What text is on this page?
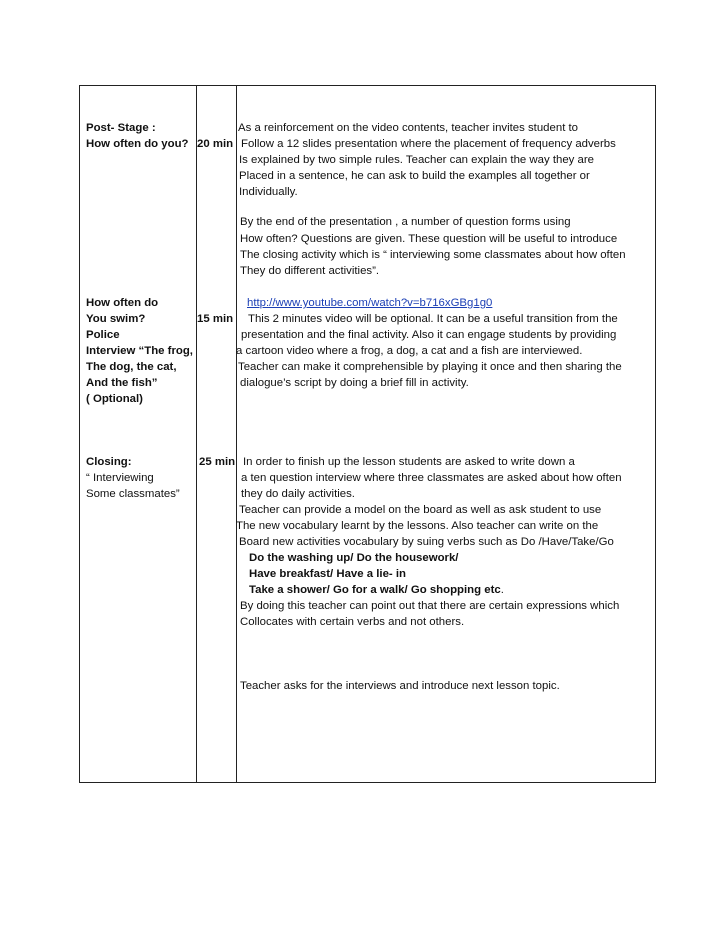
Post- Stage :
How often do you? 20 min
As a reinforcement on the video contents, teacher invites student to
Follow a 12 slides presentation where the placement of frequency adverbs
Is explained by two simple rules. Teacher can explain the way they are
Placed in a sentence, he can ask to build the examples all together or
Individually.
By the end of the presentation , a number of question forms using
How often? Questions are given. These question will be useful to introduce
The closing activity which is “ interviewing some classmates about how often
They do different activities”.
How often do
You swim?
Police
Interview “The frog,
The dog, the cat,
And the fish”
( Optional)
15 min
http://www.youtube.com/watch?v=b716xGBg1g0
This 2 minutes video will be optional. It can be a useful transition from the
presentation and the final activity. Also it can engage students by providing
a cartoon video where a frog, a dog, a cat and a fish are interviewed.
Teacher can make it comprehensible by playing it once and then sharing the
dialogue’s script by doing a brief fill in activity.
Closing:
“ Interviewing
Some classmates”
25 min In order to finish up the lesson students are asked to write down a
a ten question interview where three classmates are asked about how often
they do daily activities.
Teacher can provide a model on the board as well as ask student to use
The new vocabulary learnt by the lessons. Also teacher can write on the
Board new activities vocabulary by suing verbs such as Do /Have/Take/Go
Do the washing up/ Do the housework/
Have breakfast/ Have a lie- in
Take a shower/ Go for a walk/ Go shopping etc.
By doing this teacher can point out that there are certain expressions which
Collocates with certain verbs and not others.
Teacher asks for the interviews and introduce next lesson topic.
